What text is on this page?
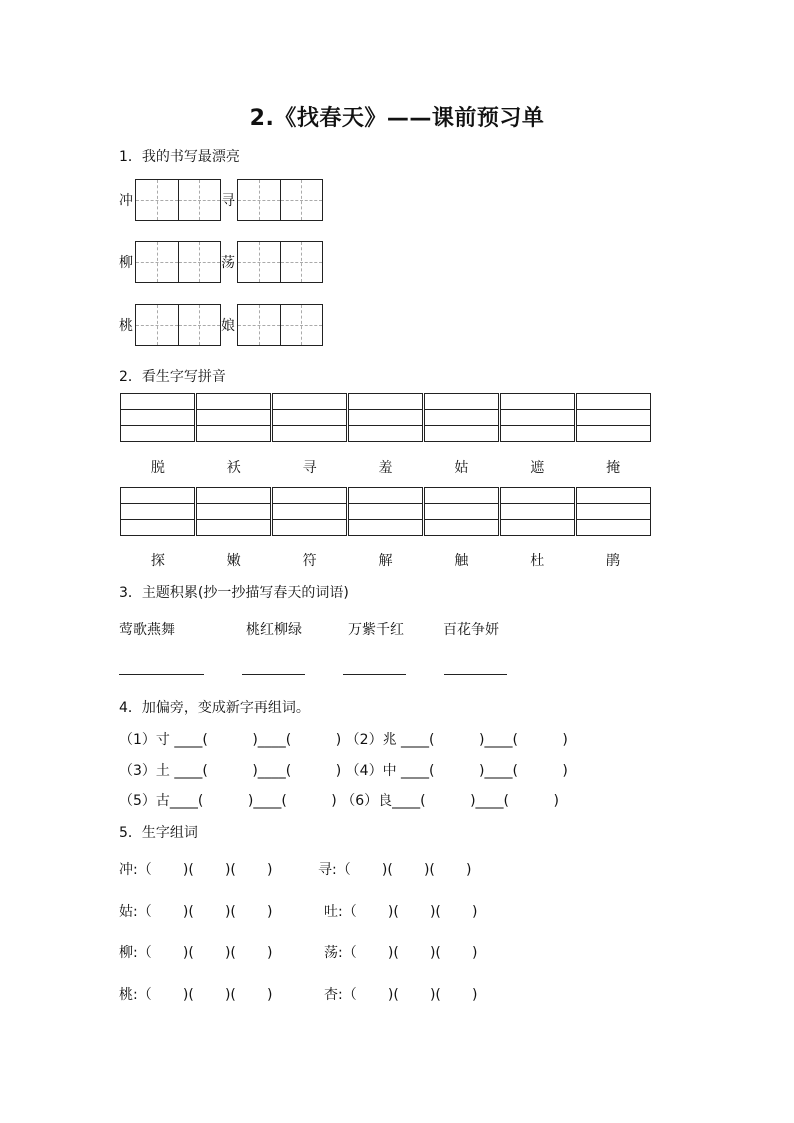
2.《找春天》——课前预习单
1．我的书写最漂亮
冲	寻
柳	荡
桃	娘
2．看生字写拼音
脱	袄	寻	羞	姑	遮	掩
探	嫩	符	解	触	杜	鹃
3．主题积累(抄一抄描写春天的词语)
莺歌燕舞	桃红柳绿	万紫千红	百花争妍
4．加偏旁，变成新字再组词。
（1）寸 ____(          )____(          ) （2）兆 ____(          )____(          )
（3）土 ____(          )____(          ) （4）中 ____(          )____(          )
（5）古____(          )____(          ) （6）良____(          )____(          )
5．生字组词
冲:（       )(       )(       )	寻:（       )(       )(       )
姑:（       )(       )(       )	吐:（       )(       )(       )
柳:（       )(       )(       )	荡:（       )(       )(       )
桃:（       )(       )(       )	杏:（       )(       )(       )
